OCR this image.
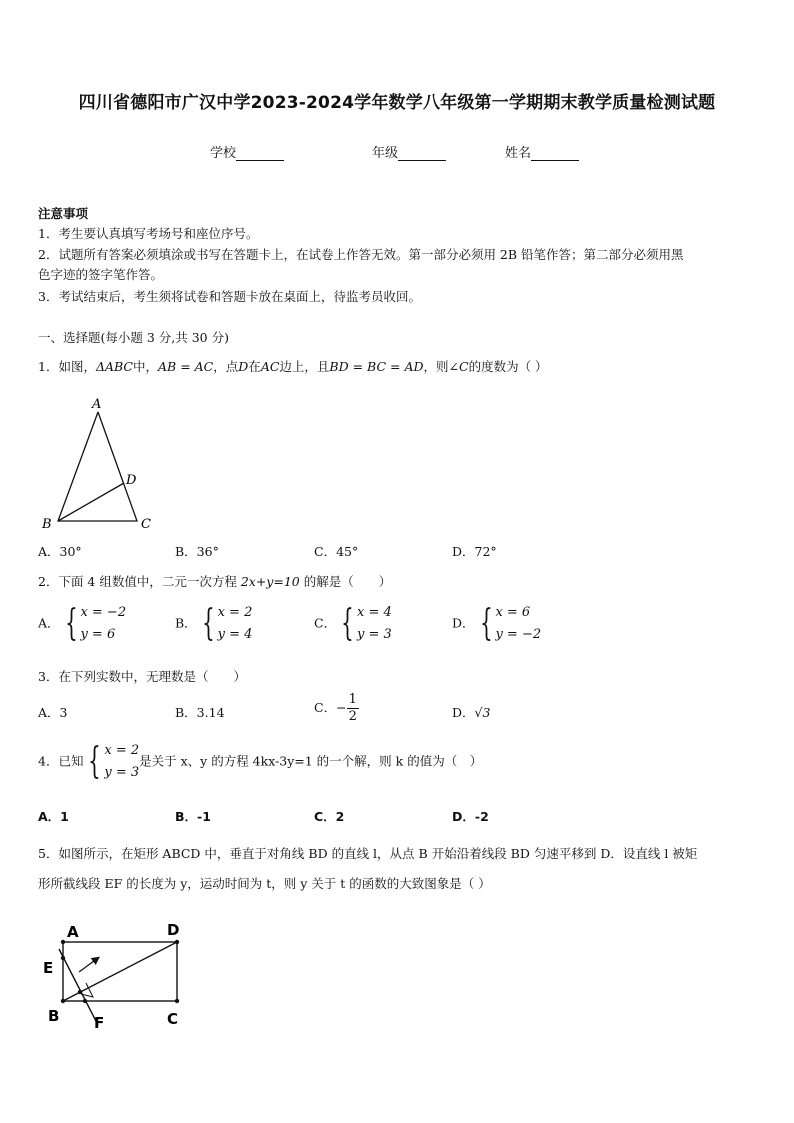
四川省德阳市广汉中学2023-2024学年数学八年级第一学期期末教学质量检测试题
学校	年级	姓名
注意事项
1．考生要认真填写考场号和座位序号。
2．试题所有答案必须填涂或书写在答题卡上，在试卷上作答无效。第一部分必须用 2B 铅笔作答；第二部分必须用黑
色字迹的签字笔作答。
3．考试结束后，考生须将试卷和答题卡放在桌面上，待监考员收回。
一、选择题(每小题 3 分,共 30 分)
1．如图，ΔABC中，AB = AC，点D在AC边上，且BD = BC = AD，则∠C的度数为（ ）
A
B	C
D
A．30°	B．36°	C．45°	D．72°
2．下面 4 组数值中，二元一次方程 2x+y=10 的解是（　　）
A． { x = −2
y = 6
B． { x = 2
y = 4
C． { x = 4
y = 3
D． { x = 6
y = −2
3．在下列实数中，无理数是（　　）
A．3	B．3.14	C．− $\frac{1}{2}$	D．√3
4．已知 { x = 2
y = 3
是关于 x、y 的方程 4kx-3y=1 的一个解，则 k 的值为（　）
A．1	B．-1	C．2	D．-2
5．如图所示，在矩形 ABCD 中，垂直于对角线 BD 的直线 l，从点 B 开始沿着线段 BD 匀速平移到 D．设直线 l 被矩
形所截线段 EF 的长度为 y，运动时间为 t，则 y 关于 t 的函数的大致图象是（ ）
A	D
E
B F	C
